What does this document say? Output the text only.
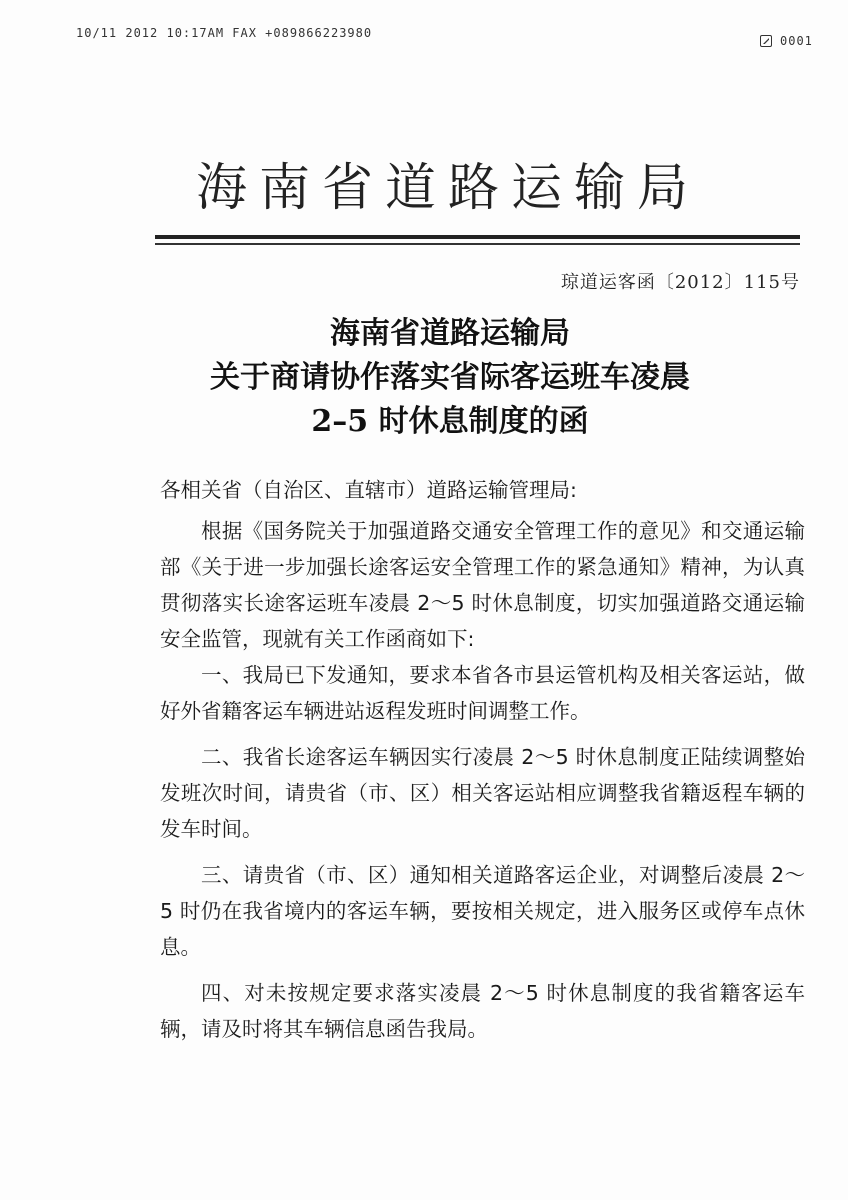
10/11 2012 10:17AM FAX +089866223980
0001
海南省道路运输局
琼道运客函〔2012〕115号
海南省道路运输局
关于商请协作落实省际客运班车凌晨
2–5 时休息制度的函
各相关省（自治区、直辖市）道路运输管理局:

根据《国务院关于加强道路交通安全管理工作的意见》和交通运输部《关于进一步加强长途客运安全管理工作的紧急通知》精神，为认真贯彻落实长途客运班车凌晨 2～5 时休息制度，切实加强道路交通运输安全监管，现就有关工作函商如下:

一、我局已下发通知，要求本省各市县运管机构及相关客运站，做好外省籍客运车辆进站返程发班时间调整工作。

二、我省长途客运车辆因实行凌晨 2～5 时休息制度正陆续调整始发班次时间，请贵省（市、区）相关客运站相应调整我省籍返程车辆的发车时间。

三、请贵省（市、区）通知相关道路客运企业，对调整后凌晨 2～5 时仍在我省境内的客运车辆，要按相关规定，进入服务区或停车点休息。

四、对未按规定要求落实凌晨 2～5 时休息制度的我省籍客运车辆，请及时将其车辆信息函告我局。
